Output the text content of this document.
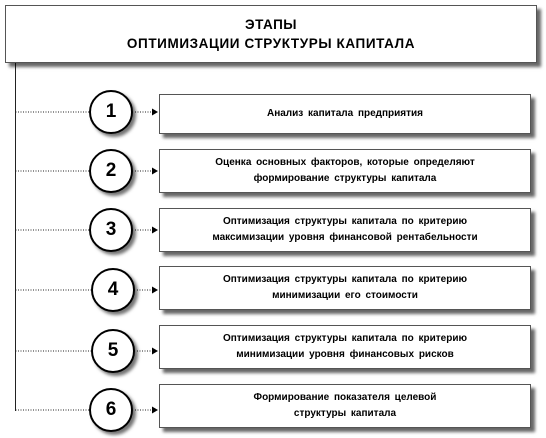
ЭТАПЫ
ОПТИМИЗАЦИИ СТРУКТУРЫ КАПИТАЛА
1	Анализ капитала предприятия
2	Оценка основных факторов, которые определяют
формирование структуры капитала
3	Оптимизация структуры капитала по критерию
максимизации уровня финансовой рентабельности
4	Оптимизация структуры капитала по критерию
минимизации его стоимости
5
Оптимизация структуры капитала по критерию
минимизации уровня финансовых рисков
6
Формирование показателя целевой
структуры капитала
